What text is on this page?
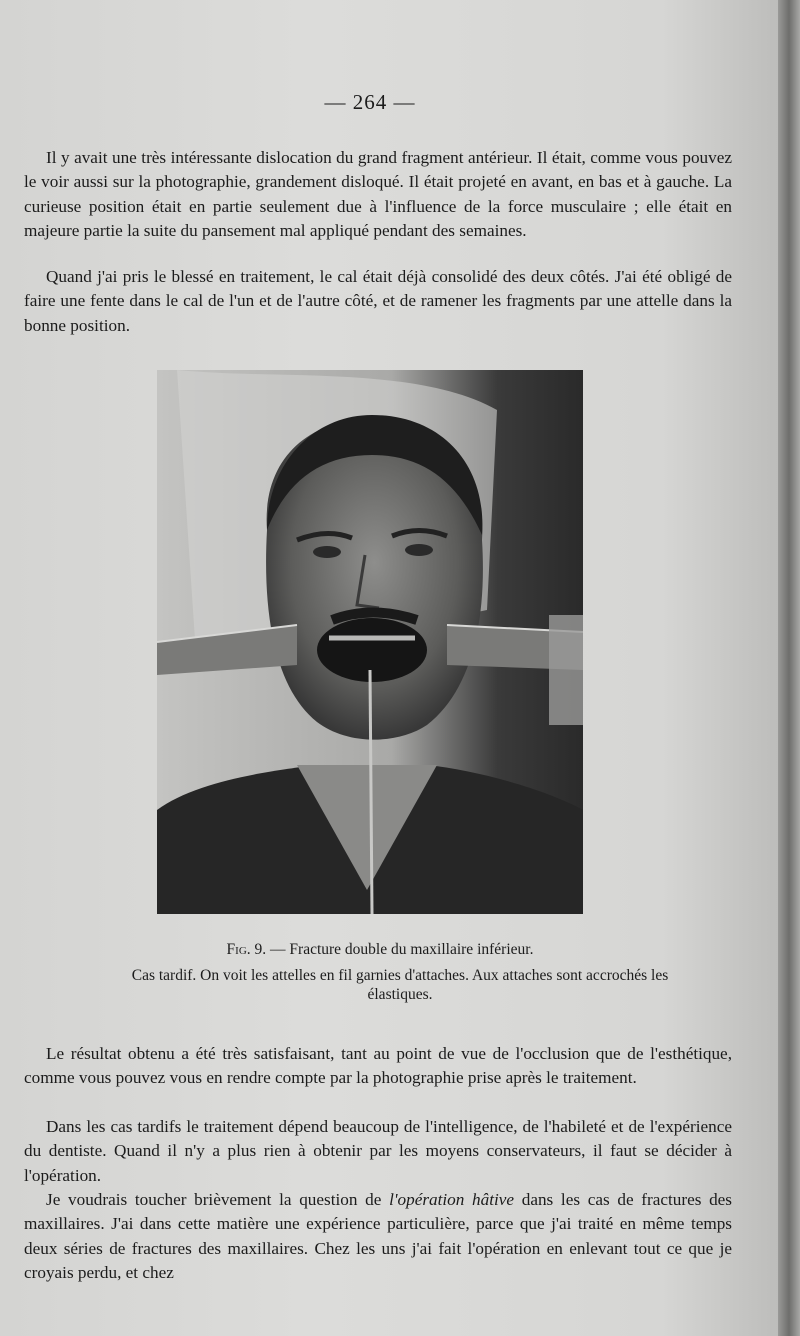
— 264 —

Il y avait une très intéressante dislocation du grand fragment antérieur. Il était, comme vous pouvez le voir aussi sur la photographie, grandement disloqué. Il était projeté en avant, en bas et à gauche. La curieuse position était en partie seulement due à l'influence de la force musculaire ; elle était en majeure partie la suite du pansement mal appliqué pendant des semaines.

Quand j'ai pris le blessé en traitement, le cal était déjà consolidé des deux côtés. J'ai été obligé de faire une fente dans le cal de l'un et de l'autre côté, et de ramener les fragments par une attelle dans la bonne position.

Fig. 9. — Fracture double du maxillaire inférieur.
Cas tardif. On voit les attelles en fil garnies d'attaches. Aux attaches sont accrochés les élastiques.

Le résultat obtenu a été très satisfaisant, tant au point de vue de l'occlusion que de l'esthétique, comme vous pouvez vous en rendre compte par la photographie prise après le traitement.

Dans les cas tardifs le traitement dépend beaucoup de l'intelligence, de l'habileté et de l'expérience du dentiste. Quand il n'y a plus rien à obtenir par les moyens conservateurs, il faut se décider à l'opération.

Je voudrais toucher brièvement la question de l'opération hâtive dans les cas de fractures des maxillaires. J'ai dans cette matière une expérience particulière, parce que j'ai traité en même temps deux séries de fractures des maxillaires. Chez les uns j'ai fait l'opération en enlevant tout ce que je croyais perdu, et chez
